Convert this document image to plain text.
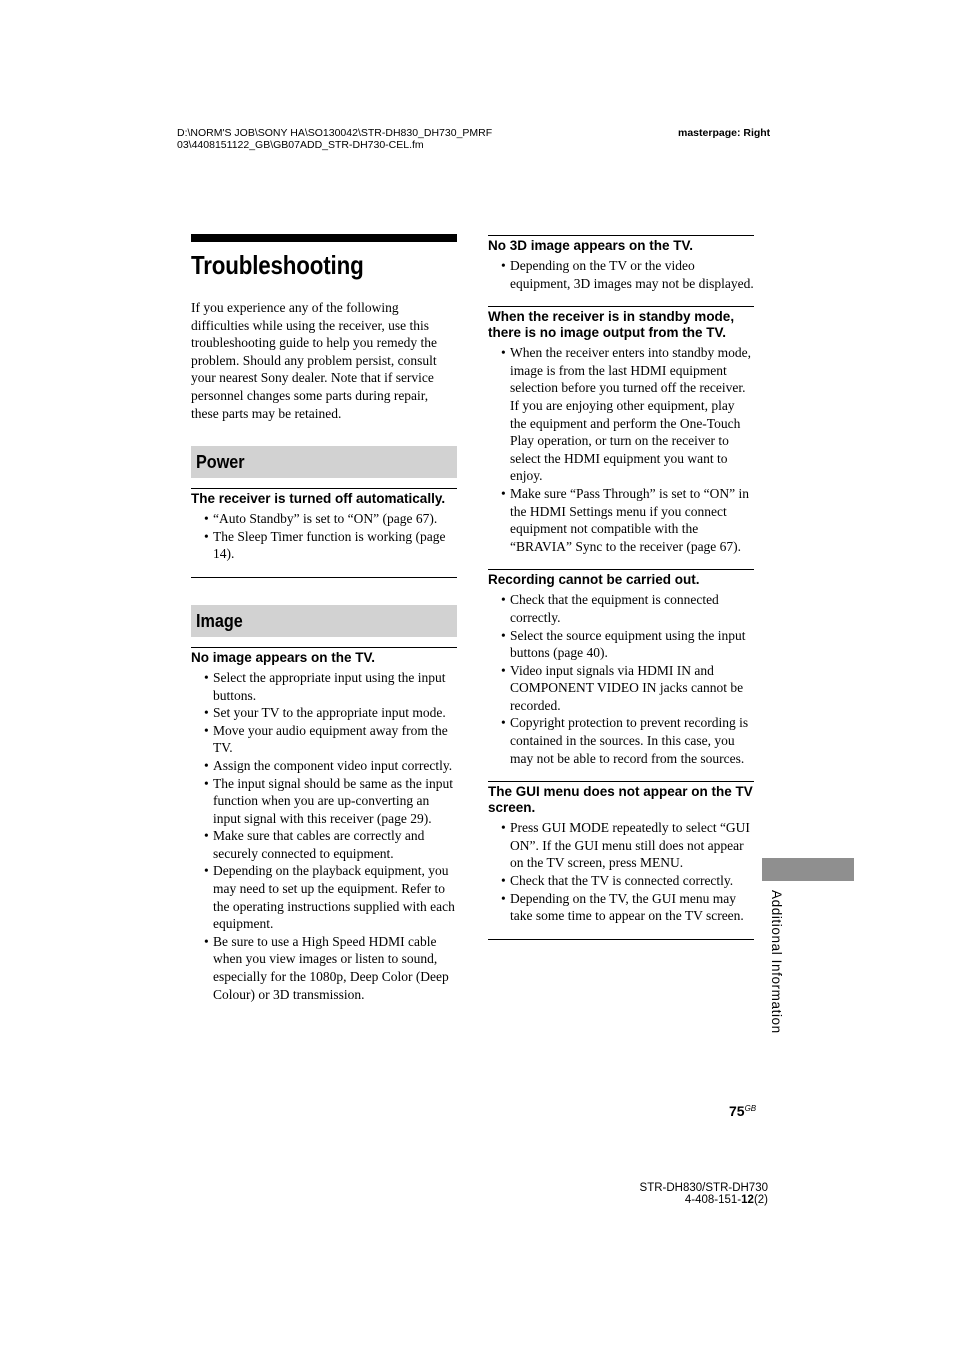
D:\NORM'S JOB\SONY HA\SO130042\STR-DH830_DH730_PMRF
03\4408151122_GB\GB07ADD_STR-DH730-CEL.fm
masterpage: Right
Troubleshooting

If you experience any of the following difficulties while using the receiver, use this troubleshooting guide to help you remedy the problem. Should any problem persist, consult your nearest Sony dealer. Note that if service personnel changes some parts during repair, these parts may be retained.

Power
The receiver is turned off automatically.
• “Auto Standby” is set to “ON” (page 67).
• The Sleep Timer function is working (page 14).
Image
No image appears on the TV.
• Select the appropriate input using the input buttons.
• Set your TV to the appropriate input mode.
• Move your audio equipment away from the TV.
• Assign the component video input correctly.
• The input signal should be same as the input function when you are up-converting an input signal with this receiver (page 29).
• Make sure that cables are correctly and securely connected to equipment.
• Depending on the playback equipment, you may need to set up the equipment. Refer to the operating instructions supplied with each equipment.
• Be sure to use a High Speed HDMI cable when you view images or listen to sound, especially for the 1080p, Deep Color (Deep Colour) or 3D transmission.
No 3D image appears on the TV.
• Depending on the TV or the video equipment, 3D images may not be displayed.
When the receiver is in standby mode, there is no image output from the TV.
• When the receiver enters into standby mode, image is from the last HDMI equipment selection before you turned off the receiver. If you are enjoying other equipment, play the equipment and perform the One-Touch Play operation, or turn on the receiver to select the HDMI equipment you want to enjoy.
• Make sure “Pass Through” is set to “ON” in the HDMI Settings menu if you connect equipment not compatible with the “BRAVIA” Sync to the receiver (page 67).
Recording cannot be carried out.
• Check that the equipment is connected correctly.
• Select the source equipment using the input buttons (page 40).
• Video input signals via HDMI IN and COMPONENT VIDEO IN jacks cannot be recorded.
• Copyright protection to prevent recording is contained in the sources. In this case, you may not be able to record from the sources.
The GUI menu does not appear on the TV screen.
• Press GUI MODE repeatedly to select “GUI ON”. If the GUI menu still does not appear on the TV screen, press MENU.
• Check that the TV is connected correctly.
• Depending on the TV, the GUI menu may take some time to appear on the TV screen.	Additional Information
$75^{GB}$
STR-DH830/STR-DH730
4-408-151-12(2)
